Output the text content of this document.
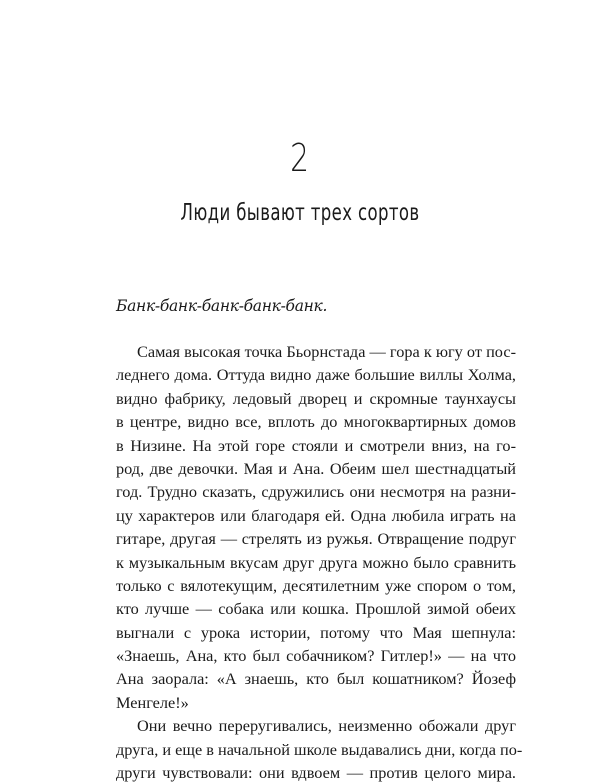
2
Люди бывают трех сортов
Банк-банк-банк-банк-банк.
Самая высокая точка Бьорнстада — гора к югу от пос-
леднего дома. Оттуда видно даже большие виллы Холма,
видно фабрику, ледовый дворец и скромные таунхаусы
в центре, видно все, вплоть до многоквартирных домов
в Низине. На этой горе стояли и смотрели вниз, на го-
род, две девочки. Мая и Ана. Обеим шел шестнадцатый
год. Трудно сказать, сдружились они несмотря на разни-
цу характеров или благодаря ей. Одна любила играть на
гитаре, другая — стрелять из ружья. Отвращение подруг
к музыкальным вкусам друг друга можно было сравнить
только с вялотекущим, десятилетним уже спором о том,
кто лучше — собака или кошка. Прошлой зимой обеих
выгнали с урока истории, потому что Мая шепнула:
«Знаешь, Ана, кто был собачником? Гитлер!» — на что
Ана заорала: «А знаешь, кто был кошатником? Йозеф
Менгеле!»
Они вечно переругивались, неизменно обожали друг
друга, и еще в начальной школе выдавались дни, когда по-
други чувствовали: они вдвоем — против целого мира.
